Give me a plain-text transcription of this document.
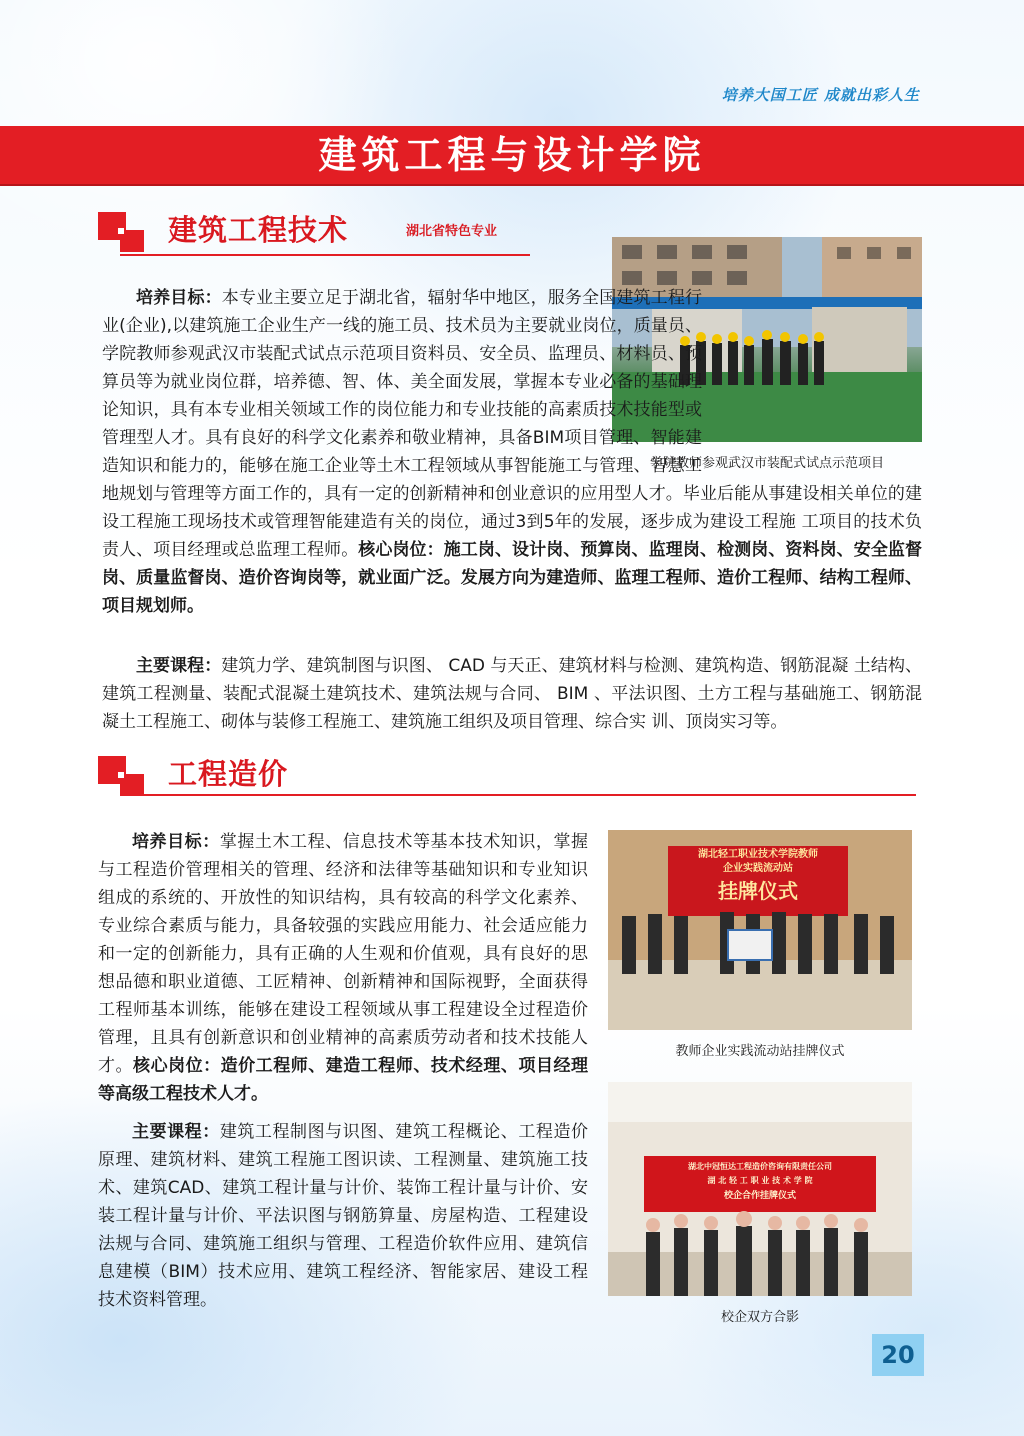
培养大国工匠 成就出彩人生
建筑工程与设计学院
建筑工程技术	湖北省特色专业
学院教师参观武汉市装配式试点示范项目
培养目标：本专业主要立足于湖北省，辐射华中地区，服务全国建筑工程行业(企业),以建筑施工企业生产一线的施工员、技术员为主要就业岗位，质量员、学院教师参观武汉市装配式试点示范项目资料员、安全员、监理员、材料员、预算员等为就业岗位群，培养德、智、体、美全面发展，掌握本专业必备的基础理论知识，具有本专业相关领域工作的岗位能力和专业技能的高素质技术技能型或管理型人才。具有良好的科学文化素养和敬业精神，具备BIM项目管理、智能建造知识和能力的，能够在施工企业等土木工程领域从事智能施工与管理、智慧工地规划与管理等方面工作的，具有一定的创新精神和创业意识的应用型人才。毕业后能从事建设相关单位的建设工程施工现场技术或管理智能建造有关的岗位，通过3到5年的发展，逐步成为建设工程施 工项目的技术负责人、项目经理或总监理工程师。核心岗位：施工岗、设计岗、预算岗、监理岗、检测岗、资料岗、安全监督岗、质量监督岗、造价咨询岗等，就业面广泛。发展方向为建造师、监理工程师、造价工程师、结构工程师、项目规划师。
主要课程：建筑力学、建筑制图与识图、 CAD 与天正、建筑材料与检测、建筑构造、钢筋混凝 土结构、建筑工程测量、装配式混凝土建筑技术、建筑法规与合同、 BIM 、平法识图、土方工程与基础施工、钢筋混凝土工程施工、砌体与装修工程施工、建筑施工组织及项目管理、综合实 训、顶岗实习等。
工程造价
培养目标：掌握土木工程、信息技术等基本技术知识，掌握与工程造价管理相关的管理、经济和法律等基础知识和专业知识组成的系统的、开放性的知识结构，具有较高的科学文化素养、专业综合素质与能力，具备较强的实践应用能力、社会适应能力和一定的创新能力，具有正确的人生观和价值观，具有良好的思想品德和职业道德、工匠精神、创新精神和国际视野，全面获得工程师基本训练，能够在建设工程领域从事工程建设全过程造价管理，且具有创新意识和创业精神的高素质劳动者和技术技能人才。核心岗位：造价工程师、建造工程师、技术经理、项目经理等高级工程技术人才。
主要课程：建筑工程制图与识图、建筑工程概论、工程造价原理、建筑材料、建筑工程施工图识读、工程测量、建筑施工技术、建筑CAD、建筑工程计量与计价、装饰工程计量与计价、安装工程计量与计价、平法识图与钢筋算量、房屋构造、工程建设法规与合同、建筑施工组织与管理、工程造价软件应用、建筑信息建模（BIM）技术应用、建筑工程经济、智能家居、建设工程技术资料管理。
湖北轻工职业技术学院教师
企业实践流动站
挂牌仪式
教师企业实践流动站挂牌仪式
湖北中冠恒达工程造价咨询有限责任公司
湖 北 轻 工 职 业 技 术 学 院
校企合作挂牌仪式
校企双方合影
20
